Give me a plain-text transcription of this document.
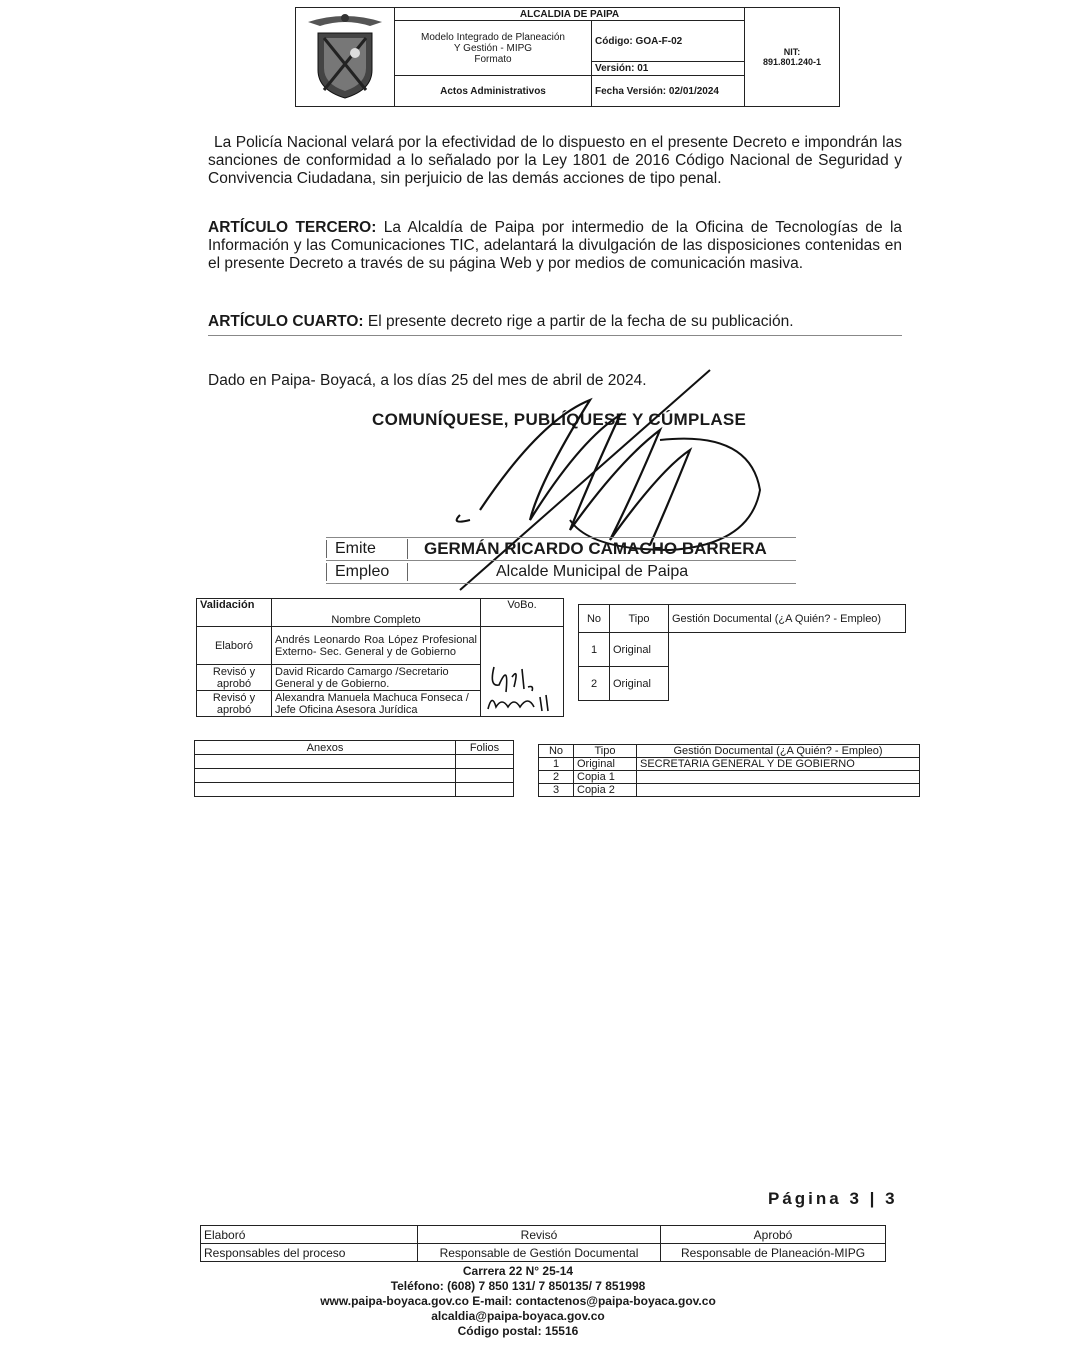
	ALCALDIA DE PAIPA		NIT:
891.801.240-1

	Modelo Integrado de Planeación
Y Gestión - MIPG
Formato	Código: GOA-F-02	
		Versión: 01	
	Actos Administrativos	Fecha Versión: 02/01/2024	
La Policía Nacional velará por la efectividad de lo dispuesto en el presente Decreto e impondrán las sanciones de conformidad a lo señalado por la Ley 1801 de 2016 Código Nacional de Seguridad y Convivencia Ciudadana, sin perjuicio de las demás acciones de tipo penal.
ARTÍCULO TERCERO: La Alcaldía de Paipa por intermedio de la Oficina de Tecnologías de la Información y las Comunicaciones TIC, adelantará la divulgación de las disposiciones contenidas en el presente Decreto a través de su página Web y por medios de comunicación masiva.
ARTÍCULO CUARTO: El presente decreto rige a partir de la fecha de su publicación.
Dado en Paipa- Boyacá, a los días 25 del mes de abril de 2024.
COMUNÍQUESE, PUBLÍQUESE Y CÚMPLASE
Emite	GERMÁN RICARDO CAMACHO BARRERA
Empleo	Alcalde Municipal de Paipa
Validación	Nombre Completo	VoBo.
Elaboró	Andrés Leonardo Roa López Profesional Externo- Sec. General y de Gobierno	
Revisó y aprobó	David Ricardo Camargo /Secretario General y de Gobierno.	
Revisó y aprobó	Alexandra Manuela Machuca Fonseca / Jefe Oficina Asesora Jurídica	
No	Tipo	Gestión Documental (¿A Quién? - Empleo)
1	Original	
2	Original	
Anexos	Folios

		No	Tipo	Gestión Documental (¿A Quién? - Empleo)
1	Original	SECRETARIA GENERAL Y DE GOBIERNO
2	Copia 1	
3	Copia 2	
Página 3 | 3
Elaboró	Revisó	Aprobó
Responsables del proceso	Responsable de Gestión Documental	Responsable de Planeación-MIPG
Carrera 22 N° 25-14
Teléfono: (608) 7 850 131/ 7 850135/ 7 851998
www.paipa-boyaca.gov.co E-mail: contactenos@paipa-boyaca.gov.co
alcaldia@paipa-boyaca.gov.co
Código postal: 15516
